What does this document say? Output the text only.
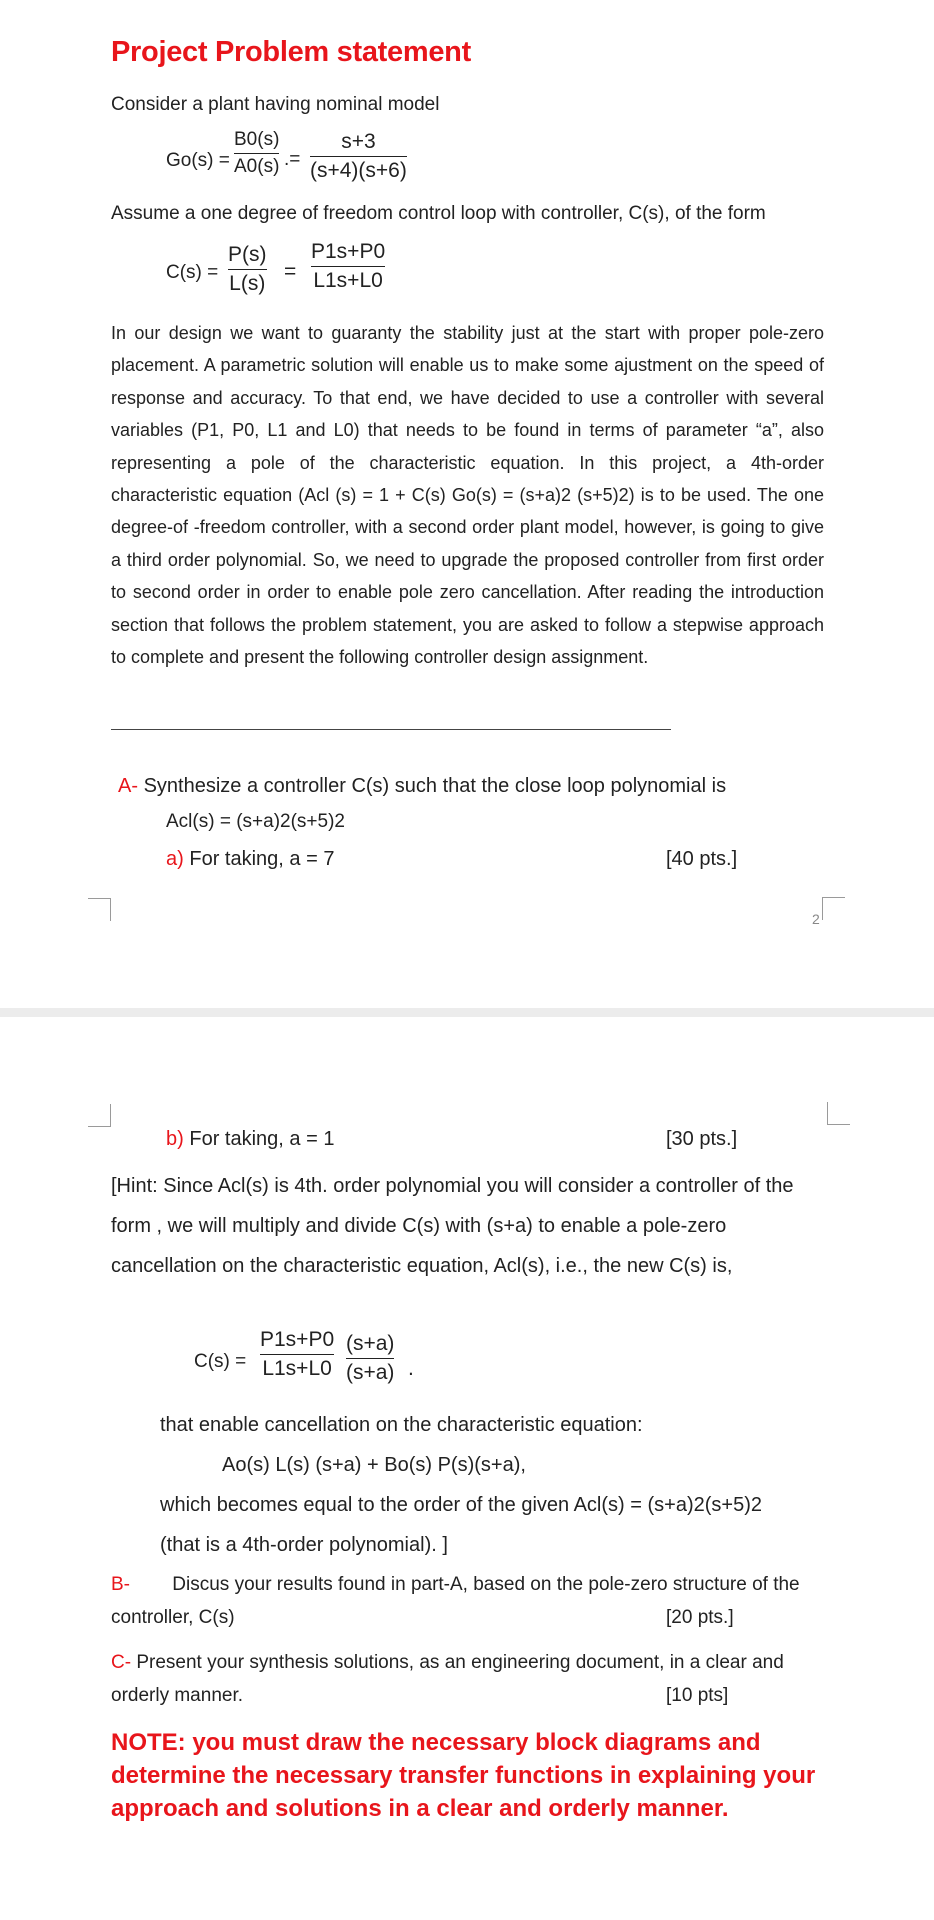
Project Problem statement
Consider a plant having nominal model
Go(s) =
B0(s)
A0(s) .=
s+3
(s+4)(s+6)
Assume a one degree of freedom control loop with controller, C(s), of the form
C(s) =
P(s)
L(s)
=
P1s+P0
L1s+L0
In our design we want to guaranty the stability just at the start with proper pole-zero placement. A parametric solution will enable us to make some ajustment on the speed of response and accuracy. To that end, we have decided to use a controller with several variables (P1, P0, L1 and L0) that needs to be found in terms of parameter “a”, also representing a pole of the characteristic equation. In this project, a 4th-order characteristic equation (Acl (s) = 1 + C(s) Go(s) = (s+a)2 (s+5)2) is to be used. The one degree-of -freedom controller, with a second order plant model, however, is going to give a third order polynomial. So, we need to upgrade the proposed controller from first order to second order in order to enable pole zero cancellation. After reading the introduction section that follows the problem statement, you are asked to follow a stepwise approach to complete and present the following controller design assignment.
A- Synthesize a controller C(s) such that the close loop polynomial is
Acl(s) = (s+a)2(s+5)2
a) For taking, a = 7	[40 pts.]
2
b) For taking, a = 1	[30 pts.]
[Hint: Since Acl(s) is 4th. order polynomial you will consider a controller of the form , we will multiply and divide C(s) with (s+a) to enable a pole-zero cancellation on the characteristic equation, Acl(s), i.e., the new C(s) is,
C(s) =
P1s+P0
L1s+L0
(s+a)
(s+a) .
that enable cancellation on the characteristic equation:
Ao(s) L(s) (s+a) + Bo(s) P(s)(s+a),
which becomes equal to the order of the given Acl(s) = (s+a)2(s+5)2
(that is a 4th-order polynomial). ]
B- Discus your results found in part-A, based on the pole-zero structure of the
controller, C(s)	[20 pts.]
C- Present your synthesis solutions, as an engineering document, in a clear and
orderly manner.	[10 pts]
NOTE: you must draw the necessary block diagrams and determine the necessary transfer functions in explaining your approach and solutions in a clear and orderly manner.
